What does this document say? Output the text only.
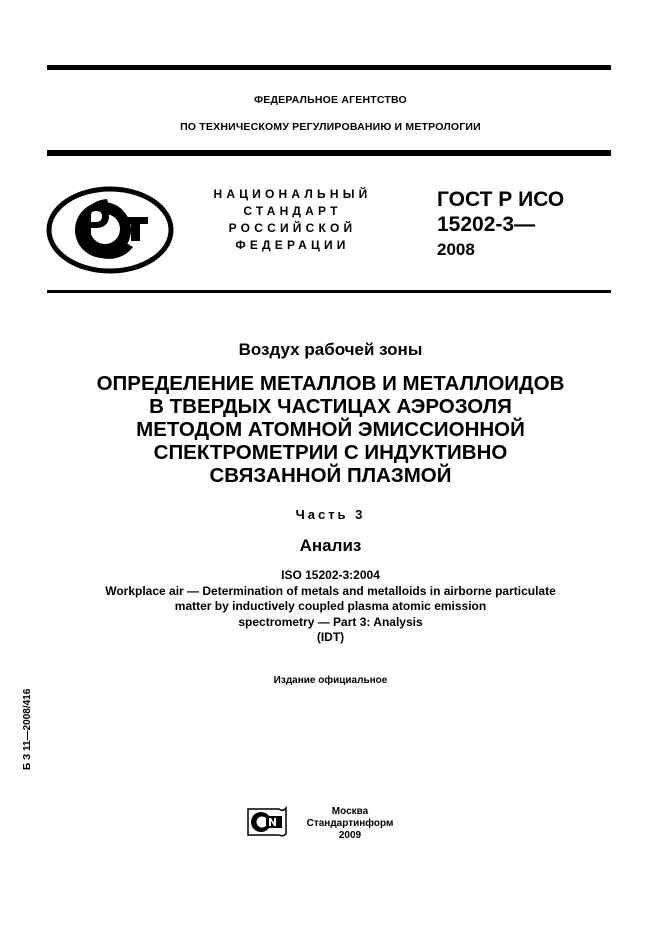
ФЕДЕРАЛЬНОЕ АГЕНТСТВО
ПО ТЕХНИЧЕСКОМУ РЕГУЛИРОВАНИЮ И МЕТРОЛОГИИ
НАЦИОНАЛЬНЫЙ
СТАНДАРТ
РОССИЙСКОЙ
ФЕДЕРАЦИИ
ГОСТ Р ИСО
15202-3—
2008
Воздух рабочей зоны
ОПРЕДЕЛЕНИЕ МЕТАЛЛОВ И МЕТАЛЛОИДОВ
В ТВЕРДЫХ ЧАСТИЦАХ АЭРОЗОЛЯ
МЕТОДОМ АТОМНОЙ ЭМИССИОННОЙ
СПЕКТРОМЕТРИИ С ИНДУКТИВНО
СВЯЗАННОЙ ПЛАЗМОЙ
Часть 3
Анализ
ISO 15202-3:2004
Workplace air — Determination of metals and metalloids in airborne particulate
matter by inductively coupled plasma atomic emission
spectrometry — Part 3: Analysis
(IDT)
Издание официальное
Б З 11—2008/416
Москва
Стандартинформ
2009
